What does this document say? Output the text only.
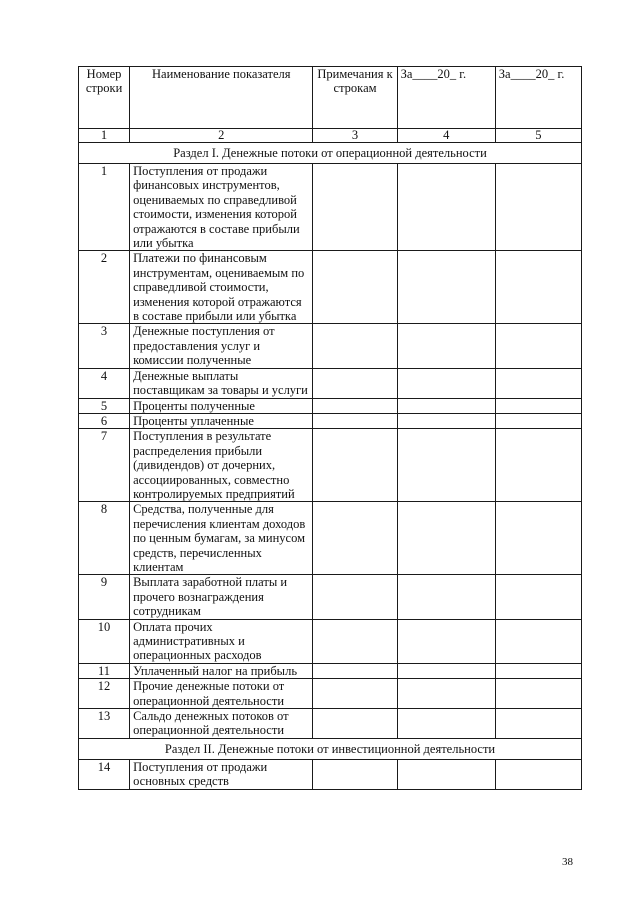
Номер строки	Наименование показателя	Примечания к строкам	За____20_ г.	За____20_ г.
1	2	3	4	5
Раздел I. Денежные потоки от операционной деятельности				
1	Поступления от продажи финансовых инструментов, оцениваемых по справедливой стоимости, изменения которой отражаются в составе прибыли или убытка			
2	Платежи по финансовым инструментам, оцениваемым по справедливой стоимости, изменения которой отражаются в составе прибыли или убытка			
3	Денежные поступления от предоставления услуг и комиссии полученные			
4	Денежные выплаты поставщикам за товары и услуги			
5	Проценты полученные			
6	Проценты уплаченные			
7	Поступления в результате распределения прибыли (дивидендов) от дочерних, ассоциированных, совместно контролируемых предприятий			
8	Средства, полученные для перечисления клиентам доходов по ценным бумагам, за минусом средств, перечисленных клиентам			
9	Выплата заработной платы и прочего вознаграждения сотрудникам			
10	Оплата прочих административных и операционных расходов			
11	Уплаченный налог на прибыль			
12	Прочие денежные потоки от операционной деятельности			
13	Сальдо денежных потоков от операционной деятельности			
Раздел II. Денежные потоки от инвестиционной деятельности				
14	Поступления от продажи основных средств			
38
